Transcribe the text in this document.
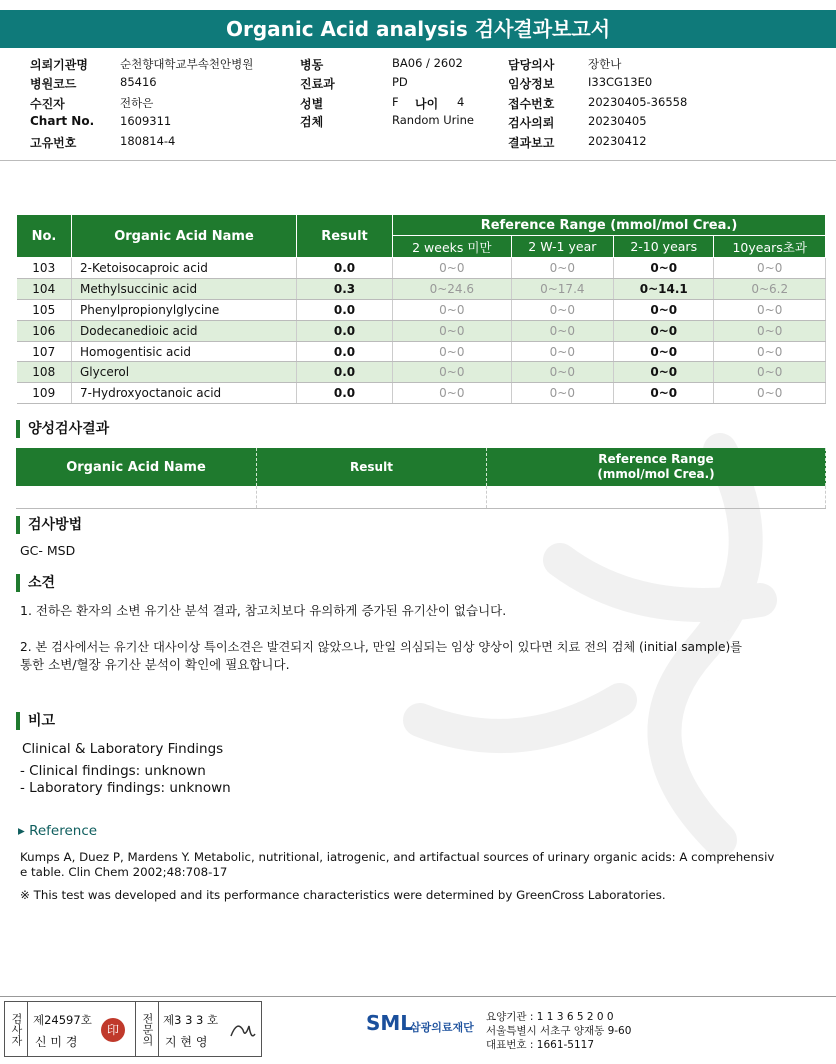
Organic Acid analysis 검사결과보고서
의뢰기관명	순천향대학교부속천안병원
병원코드	85416
수진자	전하은
Chart No. 1609311
고유번호	180814-4
병동	BA06 / 2602
진료과	PD
성별	F
검체	Random Urine
나이 4
담당의사	장한나
임상정보	I33CG13E0
접수번호	20230405-36558
검사의뢰	20230405
결과보고	20230412
No.	Organic Acid Name	Result	Reference Range (mmol/mol Crea.)			
			2 weeks 미만	2 W-1 year	2-10 years	10years초과
103	2-Ketoisocaproic acid	0.0	0~0	0~0	0~0	0~0
104	Methylsuccinic acid	0.3	0~24.6	0~17.4	0~14.1	0~6.2
105	Phenylpropionylglycine	0.0	0~0	0~0	0~0	0~0
106	Dodecanedioic acid	0.0	0~0	0~0	0~0	0~0
107	Homogentisic acid	0.0	0~0	0~0	0~0	0~0
108	Glycerol	0.0	0~0	0~0	0~0	0~0
109	7-Hydroxyoctanoic acid	0.0	0~0	0~0	0~0	0~0
양성검사결과
Organic Acid Name	Result	Reference Range
(mmol/mol Crea.)

검사방법
GC- MSD
소견
1. 전하은 환자의 소변 유기산 분석 결과, 참고치보다 유의하게 증가된 유기산이 없습니다.
2. 본 검사에서는 유기산 대사이상 특이소견은 발견되지 않았으나, 만일 의심되는 임상 양상이 있다면 치료 전의 검체 (initial sample)를
통한 소변/혈장 유기산 분석이 확인에 필요합니다.
비고
Clinical & Laboratory Findings
- Clinical findings: unknown
- Laboratory findings: unknown
▸ Reference
Kumps A, Duez P, Mardens Y. Metabolic, nutritional, iatrogenic, and artifactual sources of urinary organic acids: A comprehensiv
e table. Clin Chem 2002;48:708-17
※ This test was developed and its performance characteristics were determined by GreenCross Laboratories.
검사자 제24597호
신 미 경
印	전문의 제3 3 3 호
지 현 영
SML
삼광의료재단
요양기관 : 1 1 3 6 5 2 0 0
서울특별시 서초구 양재동 9-60
대표번호 : 1661-5117
